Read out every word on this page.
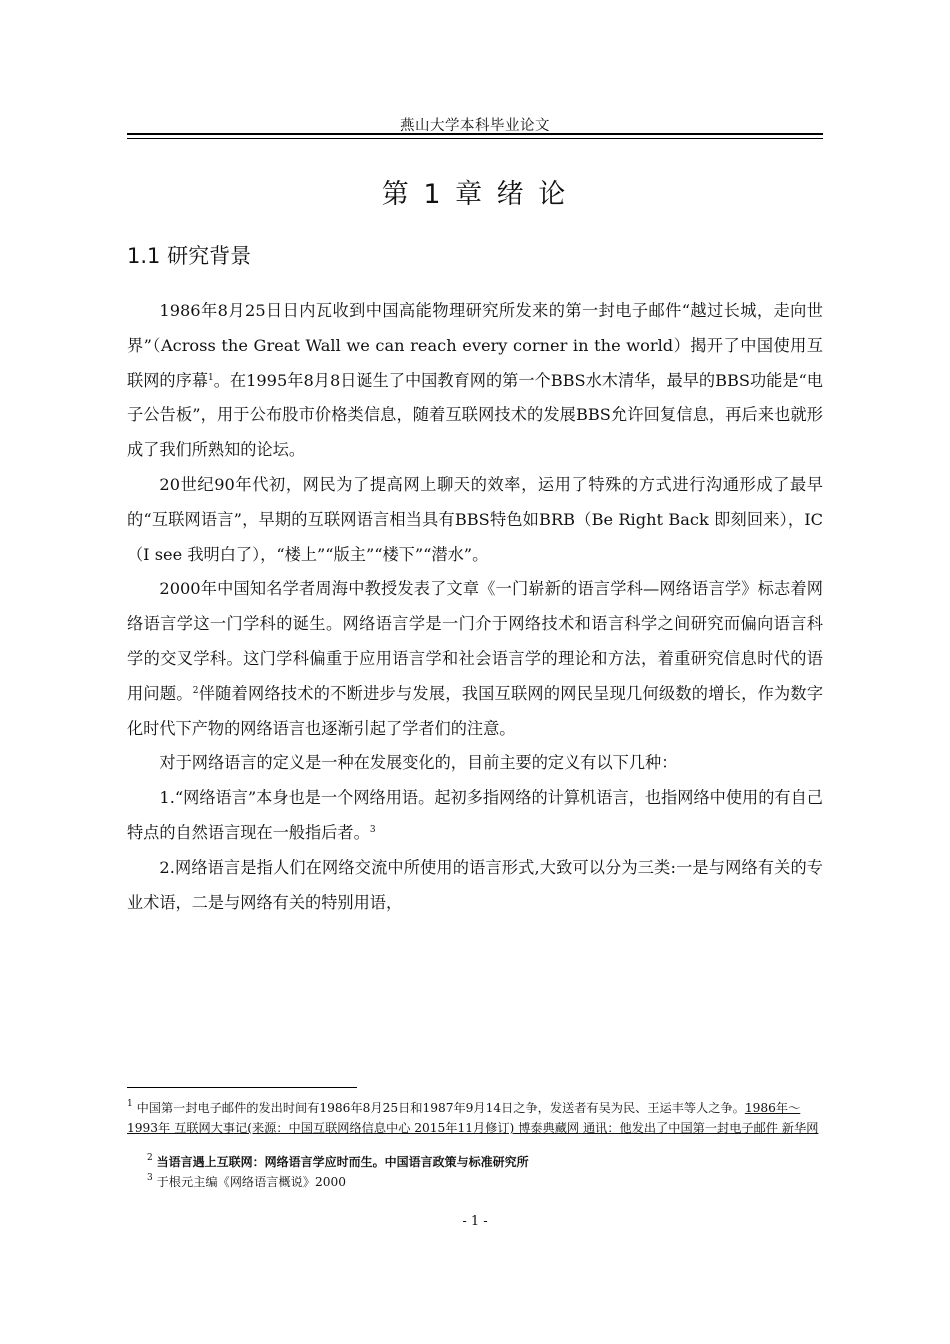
燕山大学本科毕业论文
第 1 章 绪 论
1.1 研究背景

1986年8月25日日内瓦收到中国高能物理研究所发来的第一封电子邮件“越过长城，走向世界”（Across the Great Wall we can reach every corner in the world）揭开了中国使用互联网的序幕$^1$。在1995年8月8日诞生了中国教育网的第一个BBS水木清华，最早的BBS功能是“电子公告板”，用于公布股市价格类信息，随着互联网技术的发展BBS允许回复信息，再后来也就形成了我们所熟知的论坛。

20世纪90年代初，网民为了提高网上聊天的效率，运用了特殊的方式进行沟通形成了最早的“互联网语言”，早期的互联网语言相当具有BBS特色如BRB（Be Right Back 即刻回来），IC（I see 我明白了），“楼上”“版主”“楼下”“潜水”。

2000年中国知名学者周海中教授发表了文章《一门崭新的语言学科—网络语言学》标志着网络语言学这一门学科的诞生。网络语言学是一门介于网络技术和语言科学之间研究而偏向语言科学的交叉学科。这门学科偏重于应用语言学和社会语言学的理论和方法，着重研究信息时代的语用问题。$^2$伴随着网络技术的不断进步与发展，我国互联网的网民呈现几何级数的增长，作为数字化时代下产物的网络语言也逐渐引起了学者们的注意。

对于网络语言的定义是一种在发展变化的，目前主要的定义有以下几种：

1.“网络语言”本身也是一个网络用语。起初多指网络的计算机语言，也指网络中使用的有自己特点的自然语言现在一般指后者。$^3$

2.网络语言是指人们在网络交流中所使用的语言形式,大致可以分为三类:一是与网络有关的专业术语，二是与网络有关的特别用语，

$^1$ 中国第一封电子邮件的发出时间有1986年8月25日和1987年9月14日之争，发送者有吴为民、王运丰等人之争。1986年～1993年 互联网大事记(来源：中国互联网络信息中心 2015年11月修订) 博泰典藏网 通讯：他发出了中国第一封电子邮件 新华网

$^2$ 当语言遇上互联网：网络语言学应时而生。中国语言政策与标准研究所

$^3$ 于根元主编《网络语言概说》2000

- 1 -
